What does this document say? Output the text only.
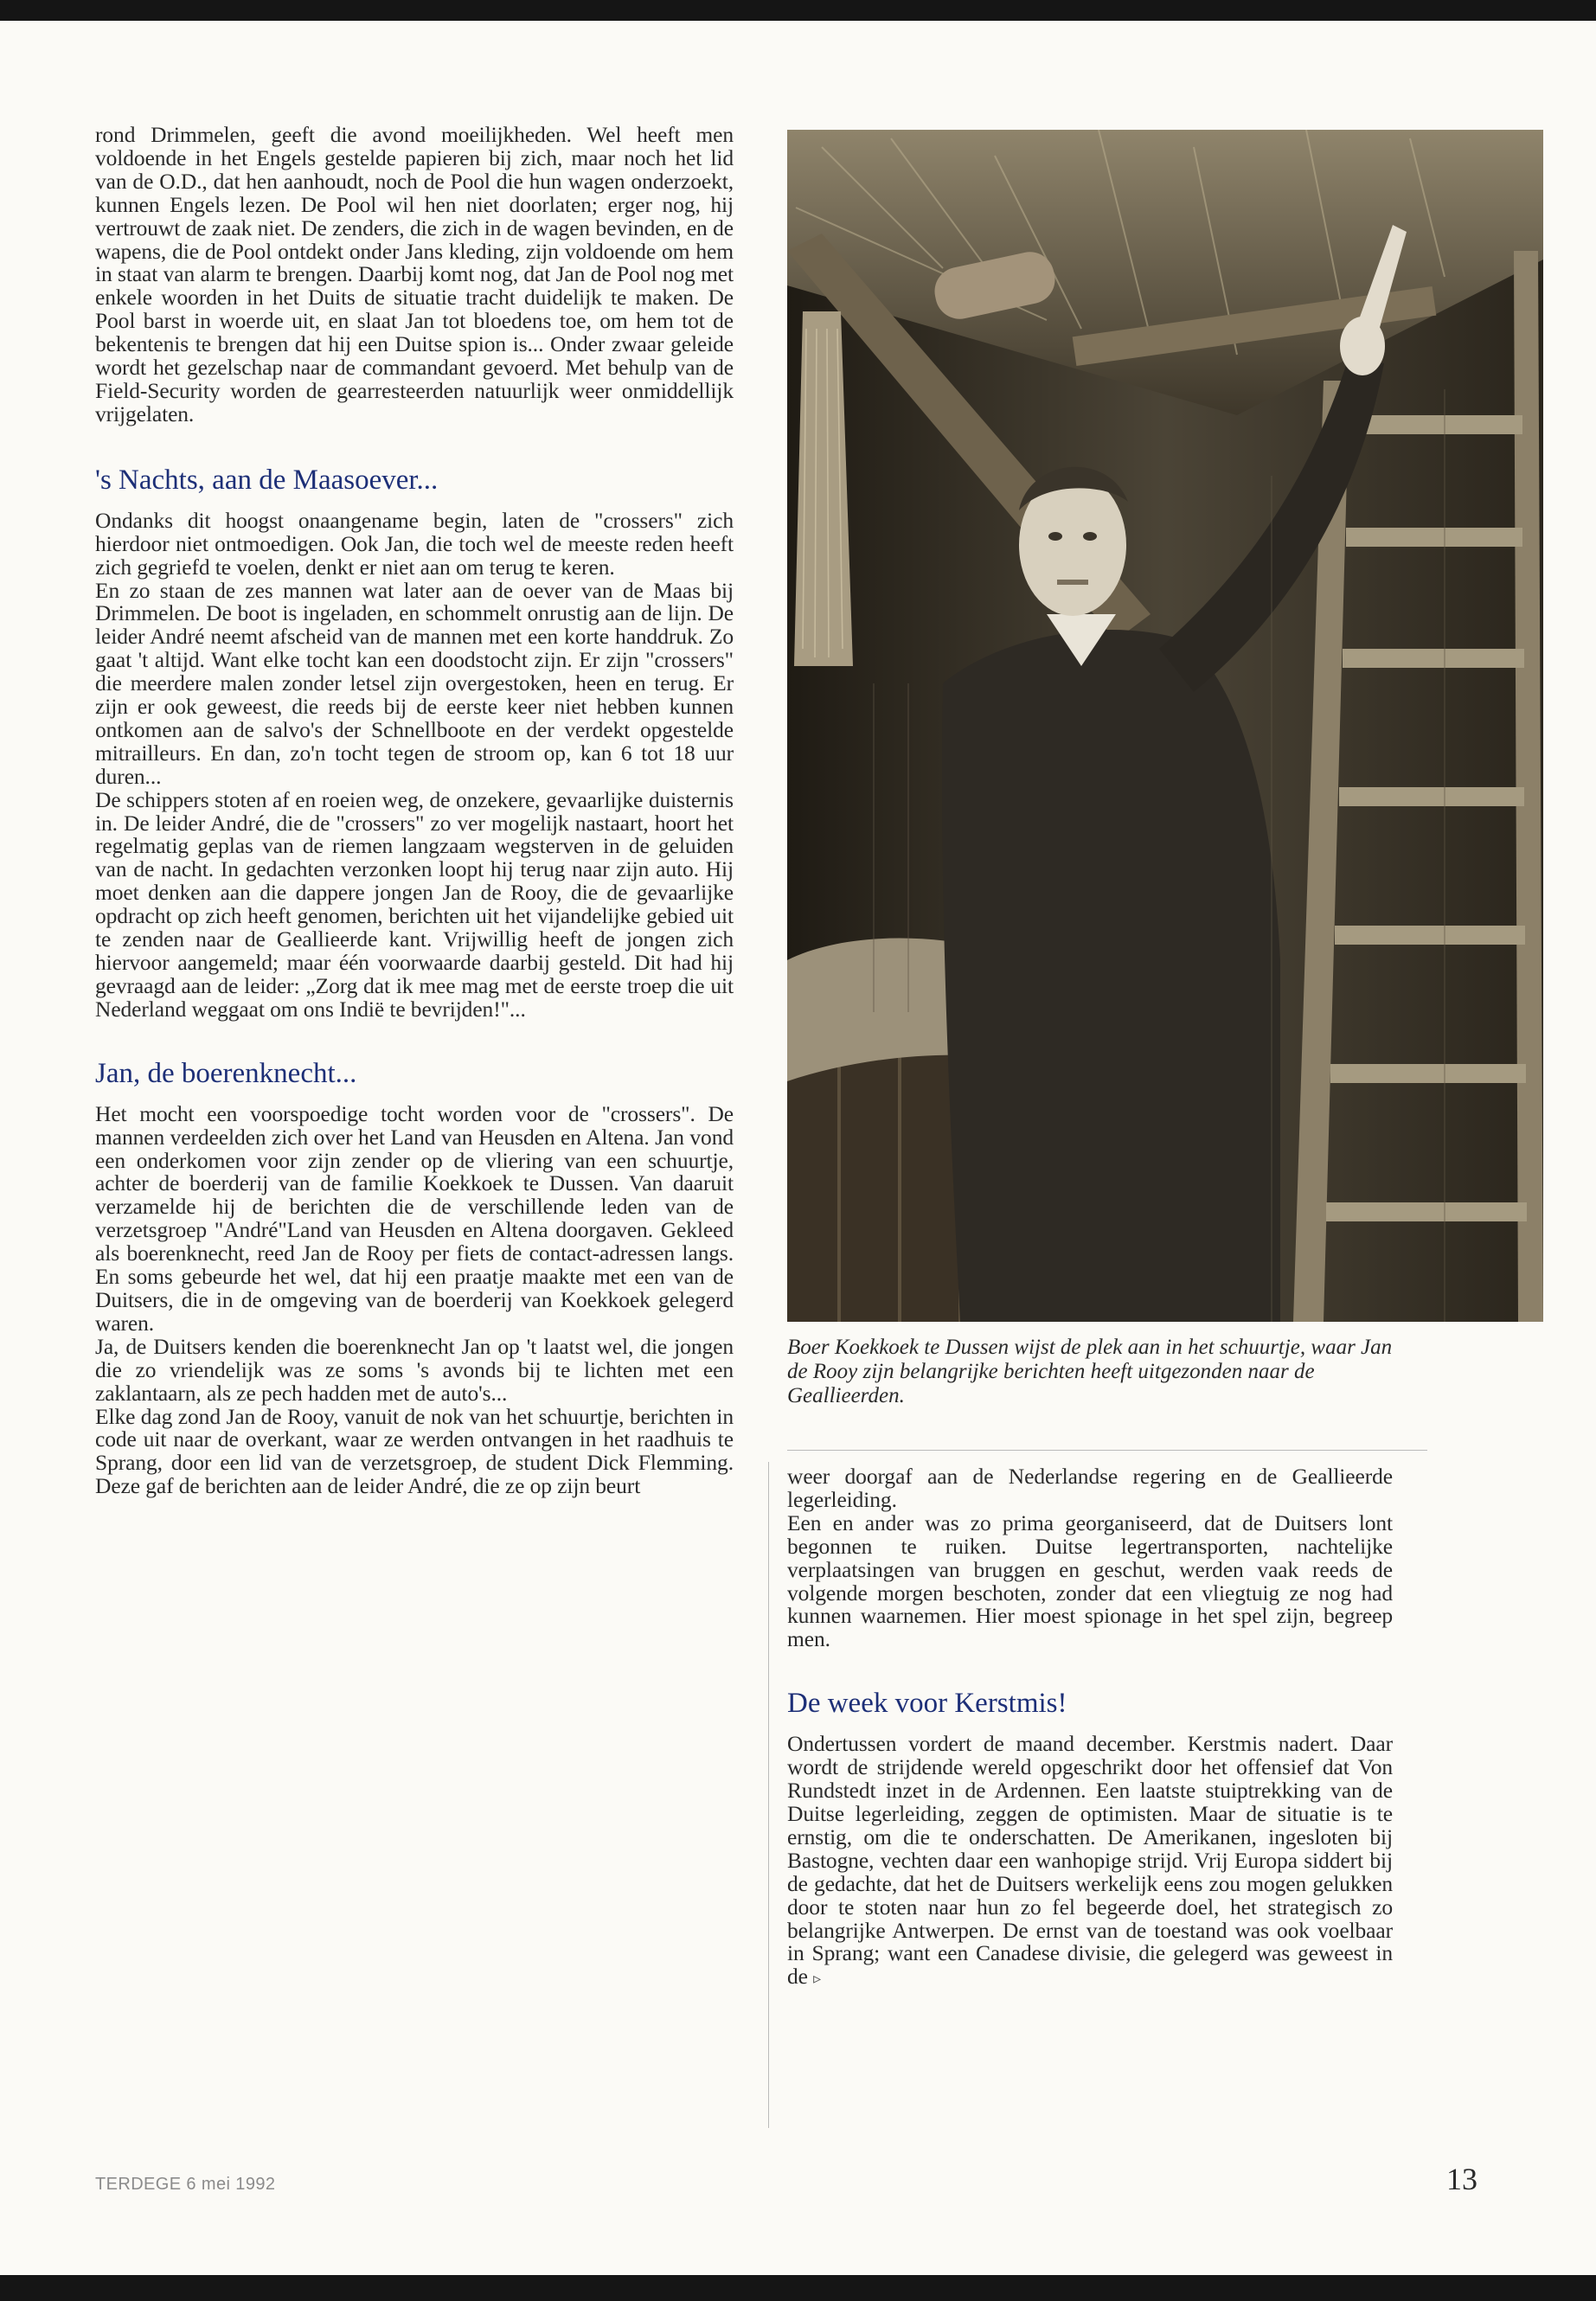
rond Drimmelen, geeft die avond moeilijkheden. Wel heeft men voldoende in het Engels gestelde papieren bij zich, maar noch het lid van de O.D., dat hen aanhoudt, noch de Pool die hun wagen onderzoekt, kunnen Engels lezen. De Pool wil hen niet doorlaten; erger nog, hij vertrouwt de zaak niet. De zenders, die zich in de wagen bevinden, en de wapens, die de Pool ontdekt onder Jans kleding, zijn voldoende om hem in staat van alarm te brengen. Daarbij komt nog, dat Jan de Pool nog met enkele woorden in het Duits de situatie tracht duidelijk te maken. De Pool barst in woerde uit, en slaat Jan tot bloedens toe, om hem tot de bekentenis te brengen dat hij een Duitse spion is... Onder zwaar geleide wordt het gezelschap naar de commandant gevoerd. Met behulp van de Field-Security worden de gearresteerden natuurlijk weer onmiddellijk vrijgelaten.

's Nachts, aan de Maasoever...

Ondanks dit hoogst onaangename begin, laten de "crossers" zich hierdoor niet ontmoedigen. Ook Jan, die toch wel de meeste reden heeft zich gegriefd te voelen, denkt er niet aan om terug te keren.

En zo staan de zes mannen wat later aan de oever van de Maas bij Drimmelen. De boot is ingeladen, en schommelt onrustig aan de lijn. De leider André neemt afscheid van de mannen met een korte handdruk. Zo gaat 't altijd. Want elke tocht kan een doodstocht zijn. Er zijn "crossers" die meerdere malen zonder letsel zijn overgestoken, heen en terug. Er zijn er ook geweest, die reeds bij de eerste keer niet hebben kunnen ontkomen aan de salvo's der Schnellboote en der verdekt opgestelde mitrailleurs. En dan, zo'n tocht tegen de stroom op, kan 6 tot 18 uur duren...

De schippers stoten af en roeien weg, de onzekere, gevaarlijke duisternis in. De leider André, die de "crossers" zo ver mogelijk nastaart, hoort het regelmatig geplas van de riemen langzaam wegsterven in de geluiden van de nacht. In gedachten verzonken loopt hij terug naar zijn auto. Hij moet denken aan die dappere jongen Jan de Rooy, die de gevaarlijke opdracht op zich heeft genomen, berichten uit het vijandelijke gebied uit te zenden naar de Geallieerde kant. Vrijwillig heeft de jongen zich hiervoor aangemeld; maar één voorwaarde daarbij gesteld. Dit had hij gevraagd aan de leider: „Zorg dat ik mee mag met de eerste troep die uit Nederland weggaat om ons Indië te bevrijden!"...

Jan, de boerenknecht...

Het mocht een voorspoedige tocht worden voor de "crossers". De mannen verdeelden zich over het Land van Heusden en Altena. Jan vond een onderkomen voor zijn zender op de vliering van een schuurtje, achter de boerderij van de familie Koekkoek te Dussen. Van daaruit verzamelde hij de berichten die de verschillende leden van de verzetsgroep "André"Land van Heusden en Altena doorgaven. Gekleed als boerenknecht, reed Jan de Rooy per fiets de contact-adressen langs. En soms gebeurde het wel, dat hij een praatje maakte met een van de Duitsers, die in de omgeving van de boerderij van Koekkoek gelegerd waren.

Ja, de Duitsers kenden die boerenknecht Jan op 't laatst wel, die jongen die zo vriendelijk was ze soms 's avonds bij te lichten met een zaklantaarn, als ze pech hadden met de auto's...

Elke dag zond Jan de Rooy, vanuit de nok van het schuurtje, berichten in code uit naar de overkant, waar ze werden ontvangen in het raadhuis te Sprang, door een lid van de verzetsgroep, de student Dick Flemming. Deze gaf de berichten aan de leider André, die ze op zijn beurt

Boer Koekkoek te Dussen wijst de plek aan in het schuurtje, waar Jan de Rooy zijn belangrijke berichten heeft uitgezonden naar de Geallieerden.

weer doorgaf aan de Nederlandse regering en de Geallieerde legerleiding.

Een en ander was zo prima georganiseerd, dat de Duitsers lont begonnen te ruiken. Duitse legertransporten, nachtelijke verplaatsingen van bruggen en geschut, werden vaak reeds de volgende morgen beschoten, zonder dat een vliegtuig ze nog had kunnen waarnemen. Hier moest spionage in het spel zijn, begreep men.

De week voor Kerstmis!

Ondertussen vordert de maand december. Kerstmis nadert. Daar wordt de strijdende wereld opgeschrikt door het offensief dat Von Rundstedt inzet in de Ardennen. Een laatste stuiptrekking van de Duitse legerleiding, zeggen de optimisten. Maar de situatie is te ernstig, om die te onderschatten. De Amerikanen, ingesloten bij Bastogne, vechten daar een wanhopige strijd. Vrij Europa siddert bij de gedachte, dat het de Duitsers werkelijk eens zou mogen gelukken door te stoten naar hun zo fel begeerde doel, het strategisch zo belangrijke Antwerpen. De ernst van de toestand was ook voelbaar in Sprang; want een Canadese divisie, die gelegerd was geweest in de ▹

TERDEGE 6 mei 1992	13
